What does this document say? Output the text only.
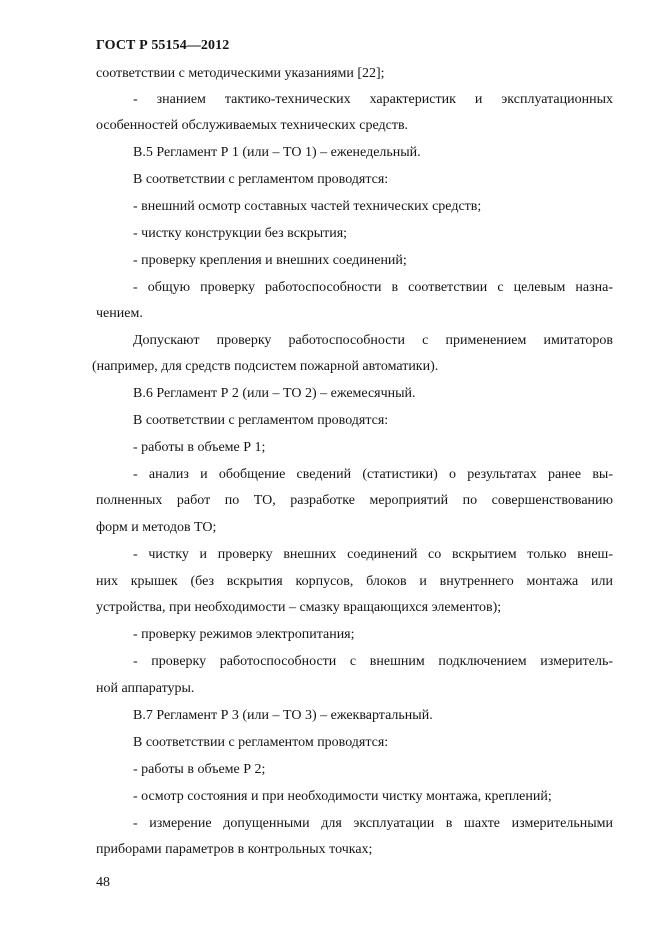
ГОСТ Р 55154—2012
соответствии с методическими указаниями [22];
- знанием тактико-технических характеристик и эксплуатационных
особенностей обслуживаемых технических средств.
В.5 Регламент Р 1 (или – ТО 1) – еженедельный.
В соответствии с регламентом проводятся:
- внешний осмотр составных частей технических средств;
- чистку конструкции без вскрытия;
- проверку крепления и внешних соединений;
- общую проверку работоспособности в соответствии с целевым назна-
чением.
Допускают проверку работоспособности с применением имитаторов
(например, для средств подсистем пожарной автоматики).
В.6 Регламент Р 2 (или – ТО 2) – ежемесячный.
В соответствии с регламентом проводятся:
- работы в объеме Р 1;
- анализ и обобщение сведений (статистики) о результатах ранее вы-
полненных работ по ТО, разработке мероприятий по совершенствованию
форм и методов ТО;
- чистку и проверку внешних соединений со вскрытием только внеш-
них крышек (без вскрытия корпусов, блоков и внутреннего монтажа или
устройства, при необходимости – смазку вращающихся элементов);
- проверку режимов электропитания;
- проверку работоспособности с внешним подключением измеритель-
ной аппаратуры.
В.7 Регламент Р 3 (или – ТО 3) – ежеквартальный.
В соответствии с регламентом проводятся:
- работы в объеме Р 2;
- осмотр состояния и при необходимости чистку монтажа, креплений;
- измерение допущенными для эксплуатации в шахте измерительными
приборами параметров в контрольных точках;
48
